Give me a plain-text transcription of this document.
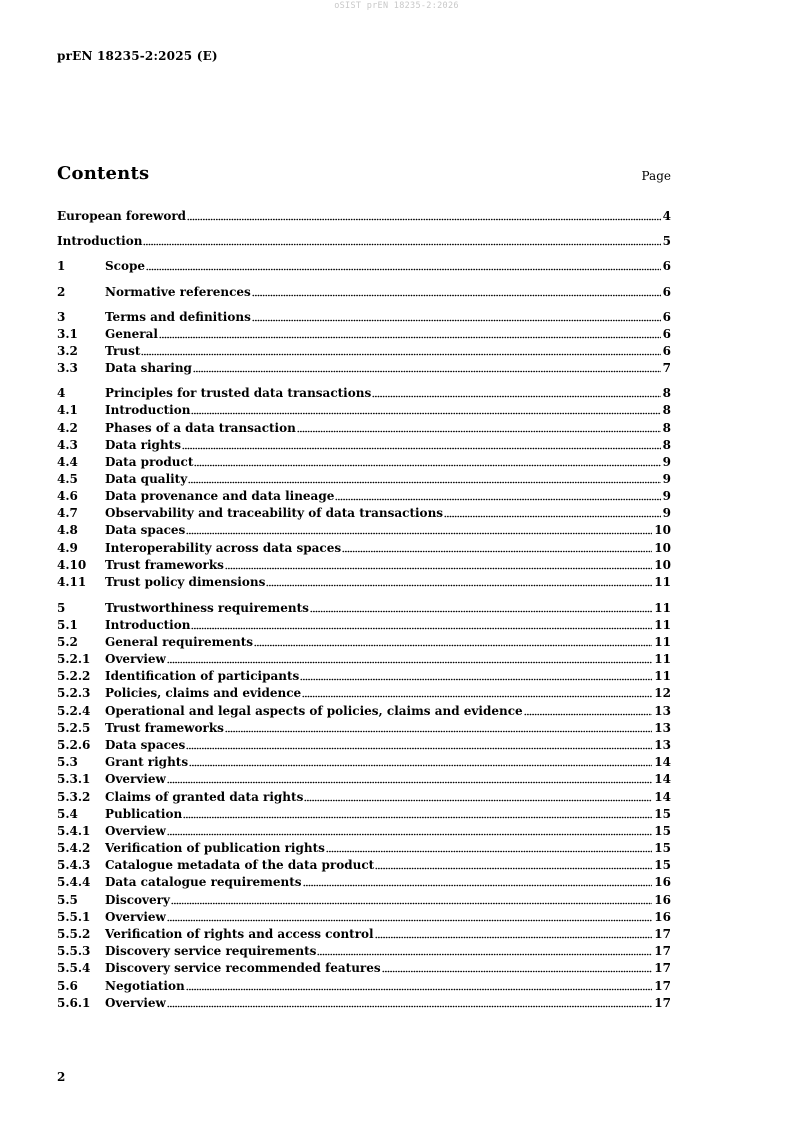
oSIST prEN 18235-2:2026
prEN 18235-2:2025 (E)
Contents	Page
European foreword	4
Introduction	5
1	Scope	6
2	Normative references	6
3	Terms and definitions	6
3.1	General	6
3.2	Trust	6
3.3	Data sharing	7
4	Principles for trusted data transactions	8
4.1	Introduction	8
4.2	Phases of a data transaction	8
4.3	Data rights	8
4.4	Data product	9
4.5	Data quality	9
4.6	Data provenance and data lineage	9
4.7	Observability and traceability of data transactions	9
4.8	Data spaces	10
4.9	Interoperability across data spaces	10
4.10	Trust frameworks	10
4.11	Trust policy dimensions	11
5	Trustworthiness requirements	11
5.1	Introduction	11
5.2	General requirements	11
5.2.1	Overview	11
5.2.2	Identification of participants	11
5.2.3	Policies, claims and evidence	12
5.2.4	Operational and legal aspects of policies, claims and evidence	13
5.2.5	Trust frameworks	13
5.2.6	Data spaces	13
5.3	Grant rights	14
5.3.1	Overview	14
5.3.2	Claims of granted data rights	14
5.4	Publication	15
5.4.1	Overview	15
5.4.2	Verification of publication rights	15
5.4.3	Catalogue metadata of the data product	15
5.4.4	Data catalogue requirements	16
5.5	Discovery	16
5.5.1	Overview	16
5.5.2	Verification of rights and access control	17
5.5.3	Discovery service requirements	17
5.5.4	Discovery service recommended features	17
5.6	Negotiation	17
5.6.1	Overview	17
2
